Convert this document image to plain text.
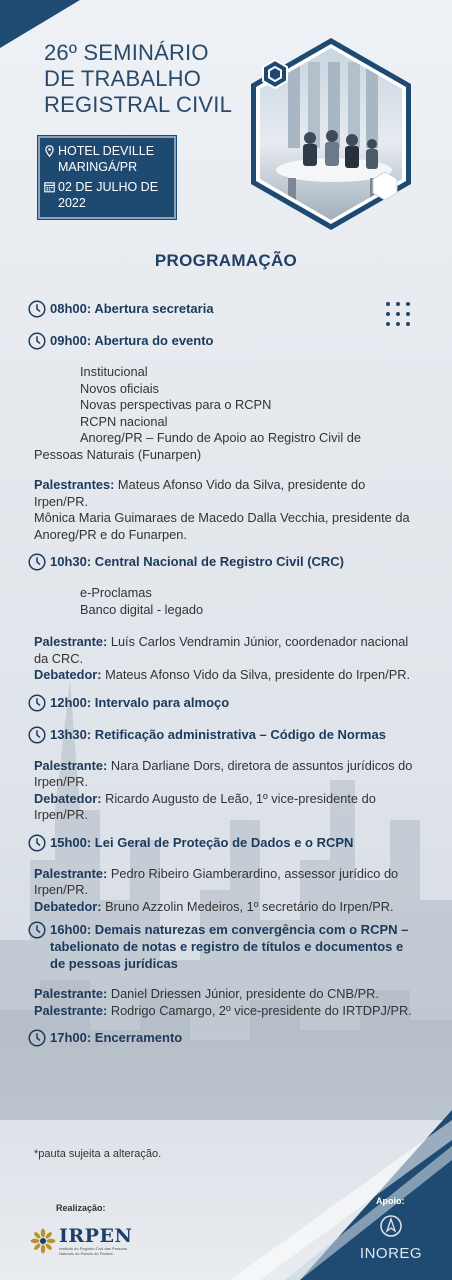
26º SEMINÁRIO
DE TRABALHO
REGISTRAL CIVIL
HOTEL DEVILLE
MARINGÁ/PR
02 DE JULHO DE
2022
PROGRAMAÇÃO
08h00: Abertura secretaria
09h00: Abertura do evento
Institucional
Novos oficiais
Novas perspectivas para o RCPN
RCPN nacional
Anoreg/PR – Fundo de Apoio ao Registro Civil de
Pessoas Naturais (Funarpen)
Palestrantes: Mateus Afonso Vido da Silva, presidente do Irpen/PR.
Mônica Maria Guimaraes de Macedo Dalla Vecchia, presidente da Anoreg/PR e do Funarpen.
10h30: Central Nacional de Registro Civil (CRC)
e-Proclamas
Banco digital - legado
Palestrante: Luís Carlos Vendramin Júnior, coordenador nacional da CRC.
Debatedor: Mateus Afonso Vido da Silva, presidente do Irpen/PR.
12h00: Intervalo para almoço
13h30: Retificação administrativa – Código de Normas
Palestrante: Nara Darliane Dors, diretora de assuntos jurídicos do Irpen/PR.
Debatedor: Ricardo Augusto de Leão, 1º vice-presidente do Irpen/PR.
15h00: Lei Geral de Proteção de Dados e o RCPN
Palestrante: Pedro Ribeiro Giamberardino, assessor jurídico do Irpen/PR.
Debatedor: Bruno Azzolin Medeiros, 1º secretário do Irpen/PR.
16h00: Demais naturezas em convergência com o RCPN – tabelionato de notas e registro de títulos e documentos e de pessoas jurídicas
Palestrante: Daniel Driessen Júnior, presidente do CNB/PR.
Palestrante: Rodrigo Camargo, 2º vice-presidente do IRTDPJ/PR.
17h00: Encerramento
*pauta sujeita a alteração.
Realização:
IRPEN
Instituto do Registro Civil das Pessoas Naturais do Estado do Paraná
Apoio:
INOREG
